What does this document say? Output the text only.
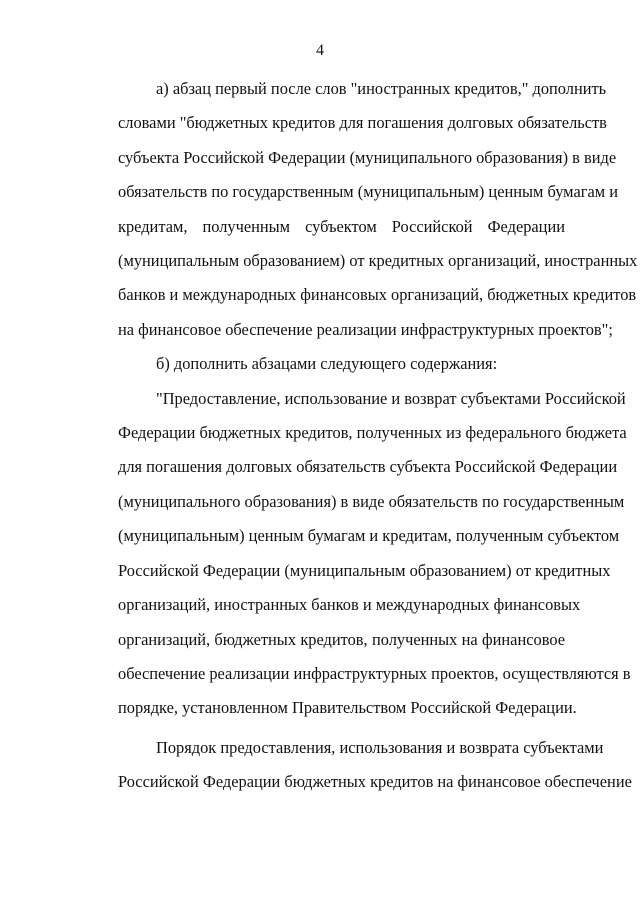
4
а) абзац первый после слов "иностранных кредитов," дополнить
словами "бюджетных кредитов для погашения долговых обязательств
субъекта Российской Федерации (муниципального образования) в виде
обязательств по государственным (муниципальным) ценным бумагам и
кредитам, полученным субъектом Российской Федерации
(муниципальным образованием) от кредитных организаций, иностранных
банков и международных финансовых организаций, бюджетных кредитов
на финансовое обеспечение реализации инфраструктурных проектов";
б) дополнить абзацами следующего содержания:
"Предоставление, использование и возврат субъектами Российской
Федерации бюджетных кредитов, полученных из федерального бюджета
для погашения долговых обязательств субъекта Российской Федерации
(муниципального образования) в виде обязательств по государственным
(муниципальным) ценным бумагам и кредитам, полученным субъектом
Российской Федерации (муниципальным образованием) от кредитных
организаций, иностранных банков и международных финансовых
организаций, бюджетных кредитов, полученных на финансовое
обеспечение реализации инфраструктурных проектов, осуществляются в
порядке, установленном Правительством Российской Федерации.
Порядок предоставления, использования и возврата субъектами
Российской Федерации бюджетных кредитов на финансовое обеспечение
